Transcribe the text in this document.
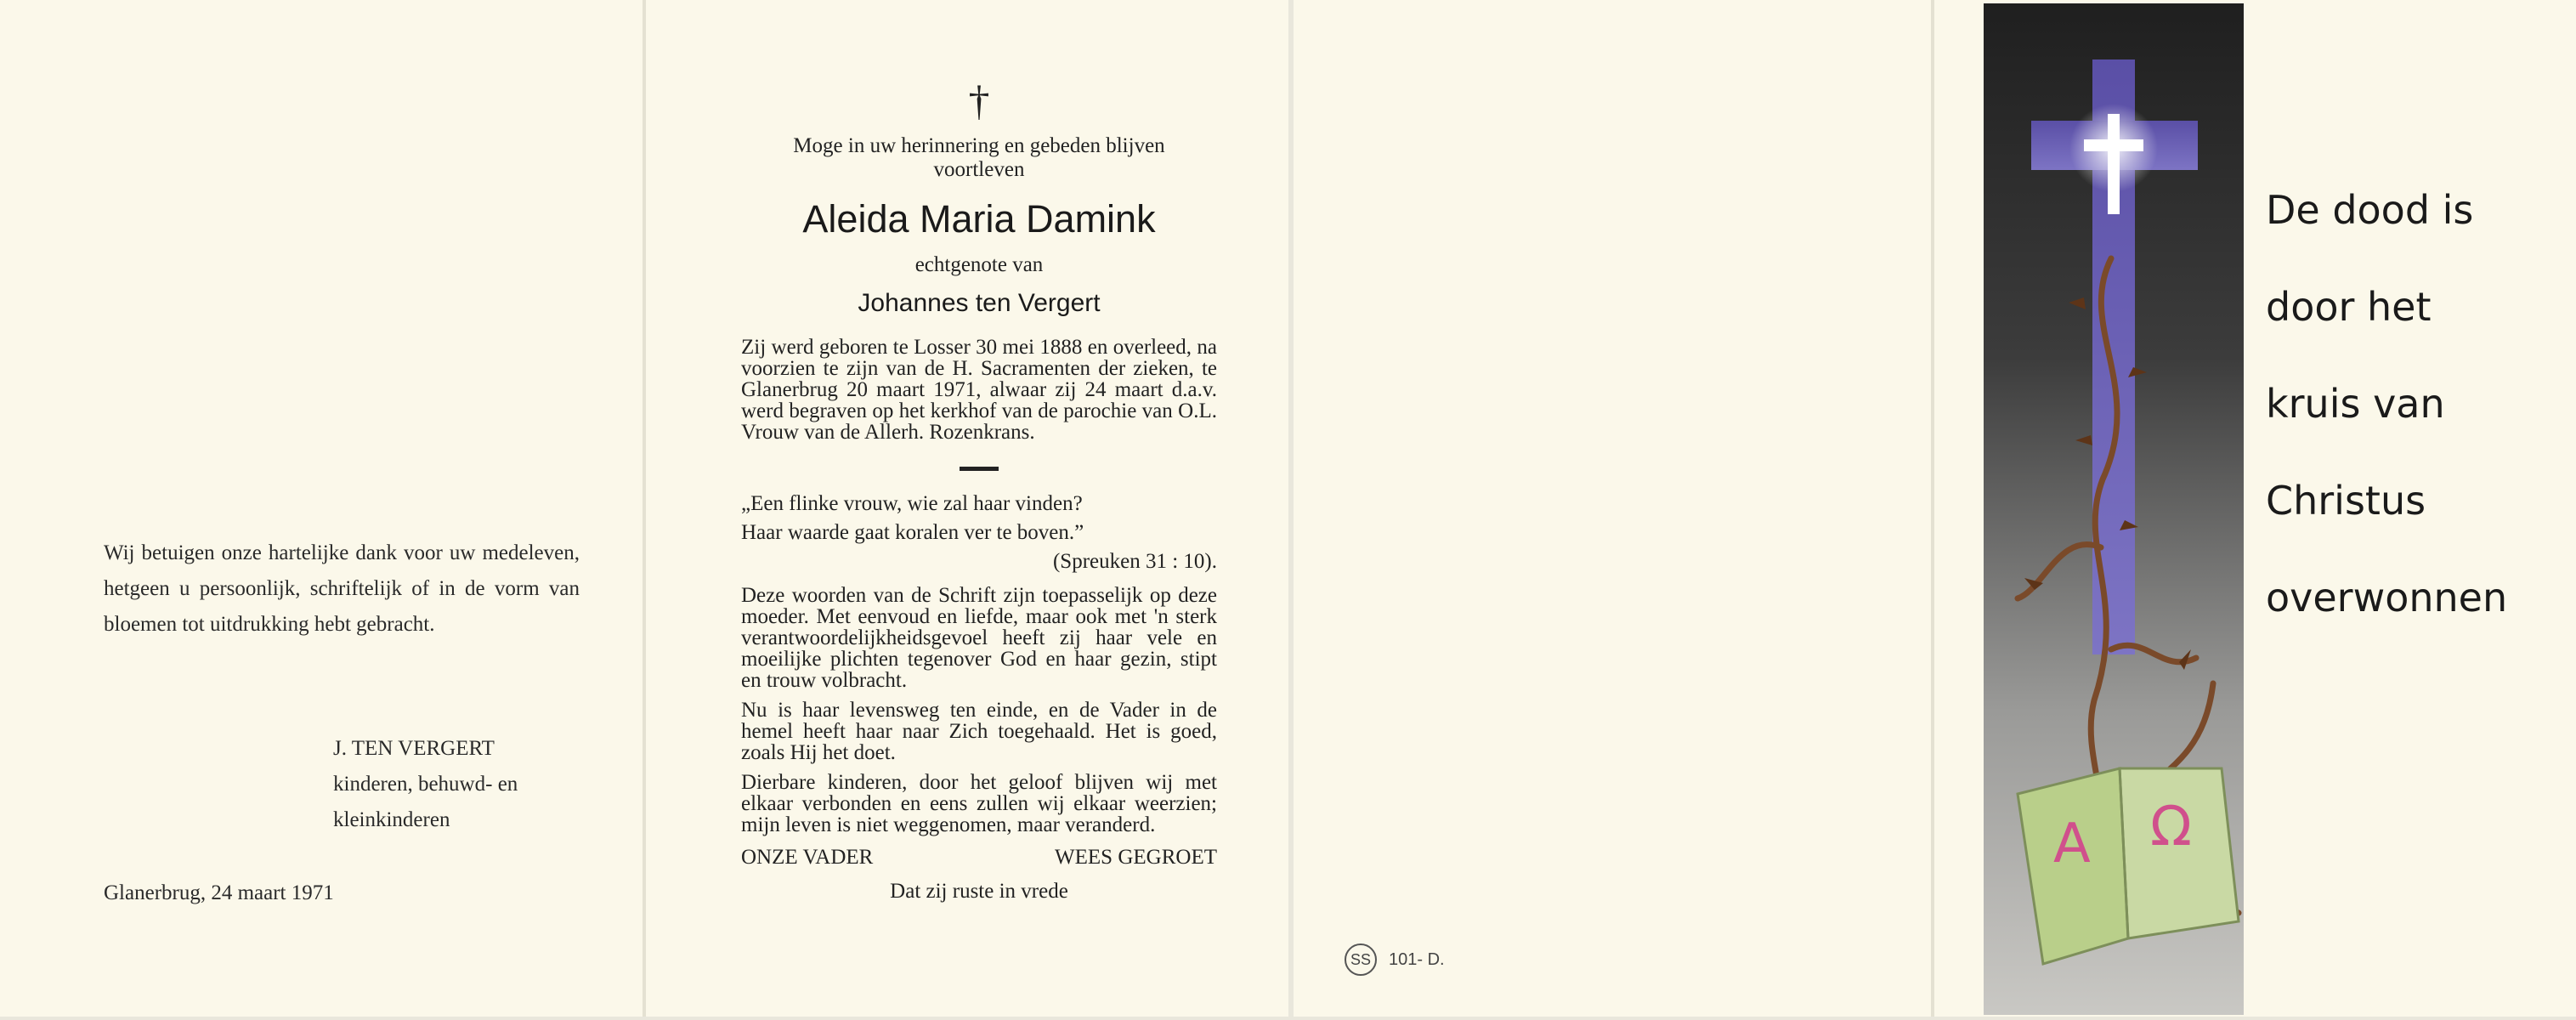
Wij betuigen onze hartelijke dank voor uw medeleven, hetgeen u persoonlijk, schriftelijk of in de vorm van bloemen tot uitdrukking hebt gebracht.
J. TEN VERGERT
kinderen, behuwd- en
kleinkinderen
Glanerbrug, 24 maart 1971
†
Moge in uw herinnering en gebeden blijven voortleven
Aleida Maria Damink
echtgenote van
Johannes ten Vergert
Zij werd geboren te Losser 30 mei 1888 en overleed, na voorzien te zijn van de H. Sacramenten der zieken, te Glanerbrug 20 maart 1971, alwaar zij 24 maart d.a.v. werd begraven op het kerkhof van de parochie van O.L. Vrouw van de Allerh. Rozenkrans.
„Een flinke vrouw, wie zal haar vinden?
Haar waarde gaat koralen ver te boven.”
(Spreuken 31 : 10).
Deze woorden van de Schrift zijn toepasselijk op deze moeder. Met eenvoud en liefde, maar ook met 'n sterk verantwoordelijkheidsgevoel heeft zij haar vele en moeilijke plichten tegenover God en haar gezin, stipt en trouw volbracht.
Nu is haar levensweg ten einde, en de Vader in de hemel heeft haar naar Zich toegehaald. Het is goed, zoals Hij het doet.
Dierbare kinderen, door het geloof blijven wij met elkaar verbonden en eens zullen wij elkaar weerzien; mijn leven is niet weggenomen, maar veranderd.
ONZE VADER	WEES GEGROET
Dat zij ruste in vrede
SS	101- D.
A Ω
De dood is
door het
kruis van
Christus
overwonnen
